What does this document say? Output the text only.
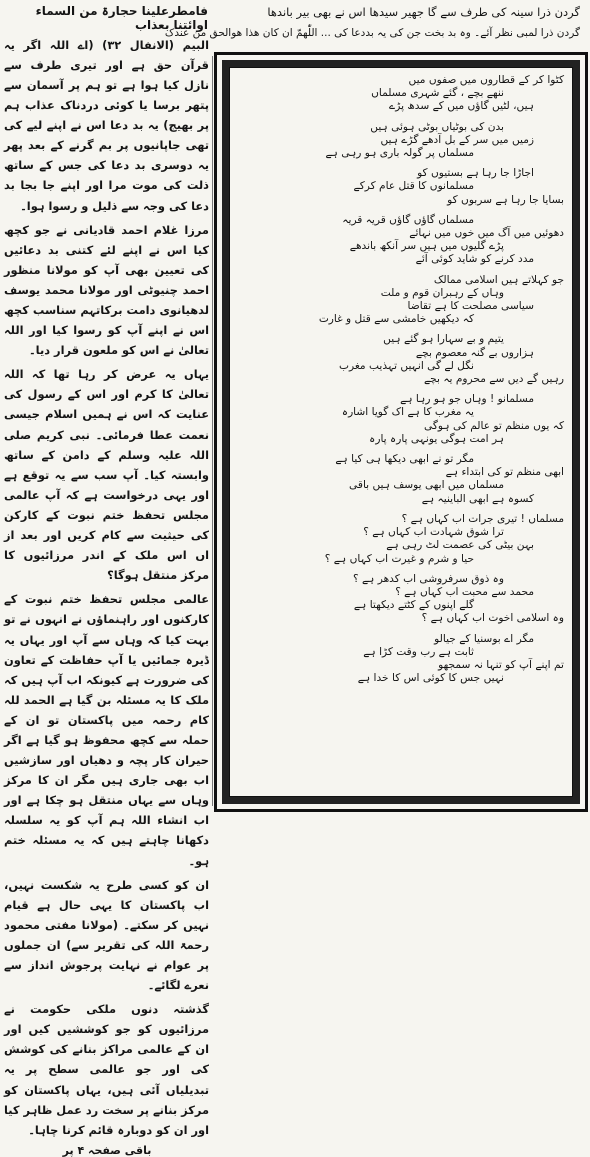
گردن ذرا سینہ کی طرف سے گا جھیر سیدھا اس نے بھی بیر باندھا
گردن ذرا لمبی نظر آئے۔ وہ بد بخت جن کی یہ بددعا کی ... اللّٰھمّ ان کان ھذا ھوالحق من عندک
فامطرعلینا حجارۃ من السماء اوائتنا بعذاب

البیم (الانفال ۳۲) (اے اللہ اگر یہ قرآن حق ہے اور تیری طرف سے نازل کیا ہوا ہے تو ہم پر آسمان سے پتھر برسا یا کوئی دردناک عذاب ہم پر بھیج) یہ بد دعا اس نے اپنے لیے کی تھی جاپانیوں پر بم گرنے کے بعد پھر یہ دوسری بد دعا کی جس کے ساتھ ذلت کی موت مرا اور اپنے جا بجا بد دعا کی وجہ سے ذلیل و رسوا ہوا۔

مرزا غلام احمد قادیانی نے جو کچھ کیا اس نے اپنے لئے کتنی بد دعائیں کی تعیین بھی آپ کو مولانا منظور احمد چنیوٹی اور مولانا محمد یوسف لدھیانوی دامت برکاتہم سناسب کچھ اس نے اپنے آپ کو رسوا کیا اور اللہ تعالیٰ نے اس کو ملعون قرار دیا۔

یہاں یہ عرض کر رہا تھا کہ اللہ تعالیٰ کا کرم اور اس کے رسول کی عنایت کہ اس نے ہمیں اسلام جیسی نعمت عطا فرمائی۔ نبی کریم صلی اللہ علیہ وسلم کے دامن کے ساتھ وابستہ کیا۔ آپ سب سے یہ توقع ہے اور یہی درخواست ہے کہ آپ عالمی مجلس تحفظ ختم نبوت کے کارکن کی حیثیت سے کام کریں اور بعد از اں اس ملک کے اندر مرزائیوں کا مرکز منتقل ہوگا؟

عالمی مجلس تحفظ ختم نبوت کے کارکنوں اور راہنماؤں نے انہوں نے تو بہت کیا کہ وہاں سے آپ اور یہاں یہ ڈیرہ جمائیں یا آپ حفاظت کے تعاون کی ضرورت ہے کیونکہ اب آپ ہیں کہ ملک کا یہ مسئلہ بن گیا ہے الحمد للہ کام رحمہ میں پاکستان تو ان کے حملہ سے کچھ محفوظ ہو گیا ہے اگر حیران کار پچہ و دھیاں اور سازشیں اب بھی جاری ہیں مگر ان کا مرکز وہاں سے یہاں منتقل ہو چکا ہے اور اب انشاء اللہ ہم آپ کو یہ سلسلہ دکھانا چاہتے ہیں کہ یہ مسئلہ ختم ہو۔

ان کو کسی طرح یہ شکست نہیں، اب پاکستان کا یہی حال ہے قیام نہیں کر سکتے۔ (مولانا مفتی محمود رحمۃ اللہ کی تقریر سے) ان جملوں پر عوام نے نہایت پرجوش انداز سے نعرے لگائے۔

گذشتہ دنوں ملکی حکومت نے مرزائیوں کو جو کوششیں کیں اور ان کے عالمی مراکز بنانے کی کوشش کی اور جو عالمی سطح پر یہ تبدیلیاں آئی ہیں، یہاں پاکستان کو مرکز بنانے پر سخت رد عمل ظاہر کیا اور ان کو دوبارہ قائم کرنا چاہا۔

باقی صفحہ ۴ پر
کٹوا کر کے قطاروں میں صفوں میں
ننھے بچے ، گئے شہری مسلماں
ہیں، لٹیں گاؤں میں کے سدھ پڑے
بدن کی بوٹیاں بوٹی ہوئی ہیں
زمیں میں سر کے بل آدھے گڑے ہیں
مسلماں پر گولہ باری ہو رہی ہے
اجاڑا جا رہا ہے بستیوں کو
مسلمانوں کا قتل عام کرکے
بسایا جا رہا ہے سربوں کو
مسلماں گاؤں گاؤں قریہ قریہ
دھوئیں میں آگ میں خوں میں نہائے
پڑے گلیوں میں ہیں سر آنکھ باندھے
مدد کرنے کو شاید کوئی آئے
جو کہلاتے ہیں اسلامی ممالک
وہاں کے رہبران قوم و ملت
سیاسی مصلحت کا ہے تقاضا
کہ دیکھیں خامشی سے قتل و غارت
یتیم و بے سہارا ہو گئے ہیں
ہزاروں بے گنہ معصوم بچے
نگل لے گی انہیں تہذیب مغرب
رہیں گے دیں سے محروم یہ بچے
مسلمانو ! وہاں جو ہو رہا ہے
یہ مغرب کا ہے اک گویا اشارہ
کہ یوں منظم تو عالم کی ہوگی
ہر امت ہوگی یونہی پارہ پارہ
مگر تو نے ابھی دیکھا ہی کیا ہے
ابھی منظم تو کی ابتداء ہے
مسلماں میں ابھی یوسف ہیں باقی
کسوہ ہے ابھی الباینیہ ہے
مسلماں ! تیری جرات اب کہاں ہے ؟
ترا شوق شہادت اب کہاں ہے ؟
بہن بیٹی کی عصمت لٹ رہی ہے
حیا و شرم و غیرت اب کہاں ہے ؟
وہ ذوق سرفروشی اب کدھر ہے ؟
محمد سے محبت اب کہاں ہے ؟
گلے اپنوں کے کٹتے دیکھتا ہے
وہ اسلامی اخوت اب کہاں ہے ؟
مگر اے بوسنیا کے جیالو
ثابت ہے رب وقت کڑا ہے
تم اپنے آپ کو تنہا نہ سمجھو
نہیں جس کا کوئی اس کا خدا ہے
